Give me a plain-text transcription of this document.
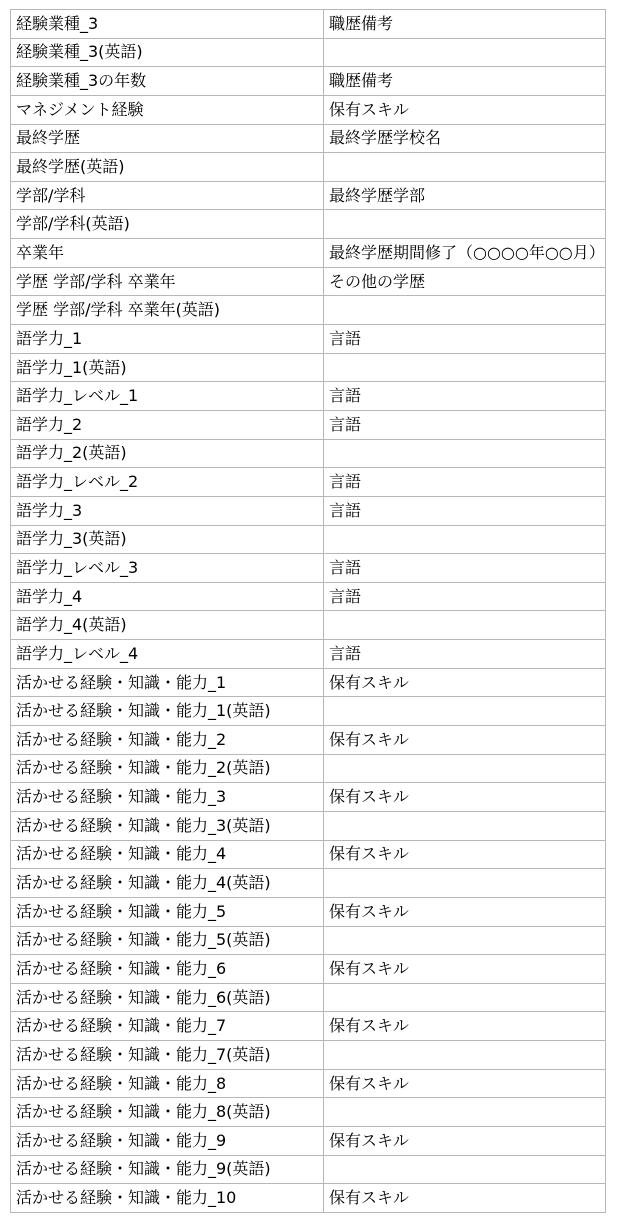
経験業種_3	職歴備考
経験業種_3(英語)	
経験業種_3の年数	職歴備考
マネジメント経験	保有スキル
最終学歴	最終学歴学校名
最終学歴(英語)	
学部/学科	最終学歴学部
学部/学科(英語)	
卒業年	最終学歴期間修了（○○○○年○○月）
学歴 学部/学科 卒業年	その他の学歴
学歴 学部/学科 卒業年(英語)	
語学力_1	言語
語学力_1(英語)	
語学力_レベル_1	言語
語学力_2	言語
語学力_2(英語)	
語学力_レベル_2	言語
語学力_3	言語
語学力_3(英語)	
語学力_レベル_3	言語
語学力_4	言語
語学力_4(英語)	
語学力_レベル_4	言語
活かせる経験・知識・能力_1	保有スキル
活かせる経験・知識・能力_1(英語)	
活かせる経験・知識・能力_2	保有スキル
活かせる経験・知識・能力_2(英語)	
活かせる経験・知識・能力_3	保有スキル
活かせる経験・知識・能力_3(英語)	
活かせる経験・知識・能力_4	保有スキル
活かせる経験・知識・能力_4(英語)	
活かせる経験・知識・能力_5	保有スキル
活かせる経験・知識・能力_5(英語)	
活かせる経験・知識・能力_6	保有スキル
活かせる経験・知識・能力_6(英語)	
活かせる経験・知識・能力_7	保有スキル
活かせる経験・知識・能力_7(英語)	
活かせる経験・知識・能力_8	保有スキル
活かせる経験・知識・能力_8(英語)	
活かせる経験・知識・能力_9	保有スキル
活かせる経験・知識・能力_9(英語)	
活かせる経験・知識・能力_10	保有スキル
